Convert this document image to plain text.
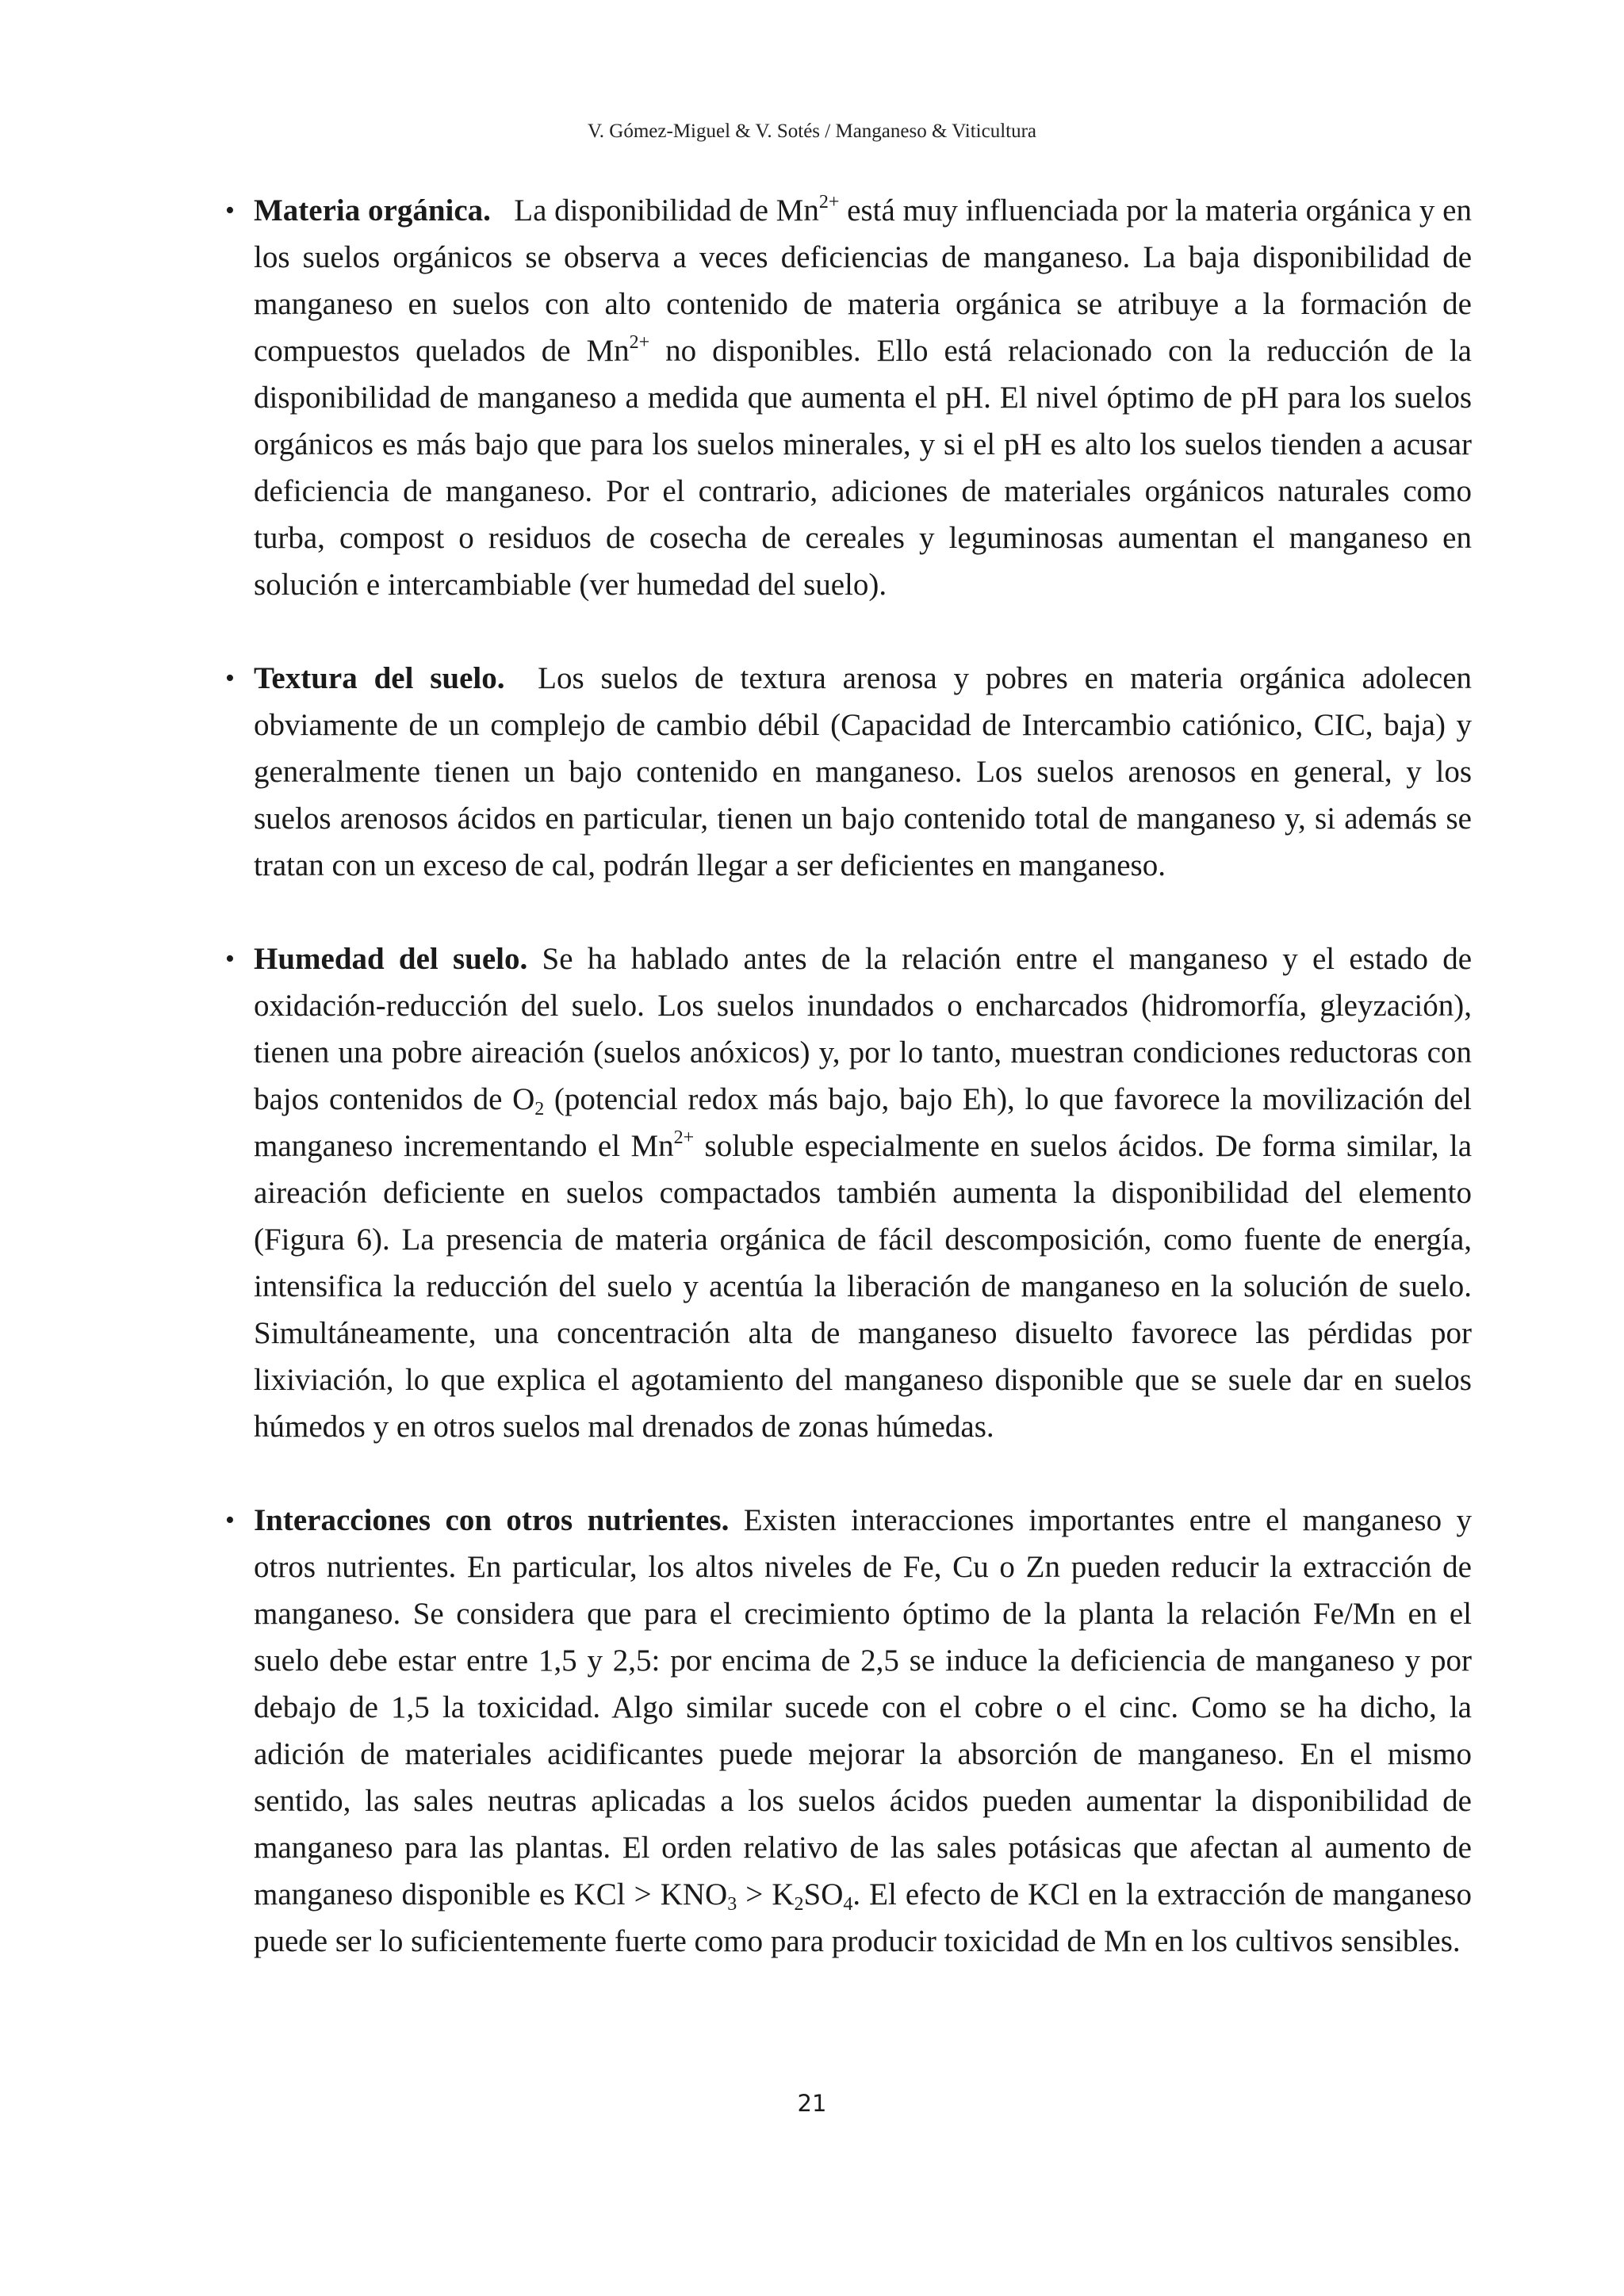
V. Gómez-Miguel & V. Sotés / Manganeso & Viticultura
• Materia orgánica. La disponibilidad de $Mn^{2+}$ está muy influenciada por la materia orgánica y en los suelos orgánicos se observa a veces deficiencias de manganeso. La baja disponibilidad de manganeso en suelos con alto contenido de materia orgánica se atribuye a la formación de compuestos quelados de $Mn^{2+}$ no disponibles. Ello está relacionado con la reducción de la disponibilidad de manganeso a medida que aumenta el pH. El nivel óptimo de pH para los suelos orgánicos es más bajo que para los suelos minerales, y si el pH es alto los suelos tienden a acusar deficiencia de manganeso. Por el contrario, adiciones de materiales orgánicos naturales como turba, compost o residuos de cosecha de cereales y leguminosas aumentan el manganeso en solución e intercambiable (ver humedad del suelo).
• Textura del suelo. Los suelos de textura arenosa y pobres en materia orgánica adolecen obviamente de un complejo de cambio débil (Capacidad de Intercambio catiónico, CIC, baja) y generalmente tienen un bajo contenido en manganeso. Los suelos arenosos en general, y los suelos arenosos ácidos en particular, tienen un bajo contenido total de manganeso y, si además se tratan con un exceso de cal, podrán llegar a ser deficientes en manganeso.
• Humedad del suelo. Se ha hablado antes de la relación entre el manganeso y el estado de oxidación-reducción del suelo. Los suelos inundados o encharcados (hidromorfía, gleyzación), tienen una pobre aireación (suelos anóxicos) y, por lo tanto, muestran condiciones reductoras con bajos contenidos de $O_2$ (potencial redox más bajo, bajo Eh), lo que favorece la movilización del manganeso incrementando el $Mn^{2+}$ soluble especialmente en suelos ácidos. De forma similar, la aireación deficiente en suelos compactados también aumenta la disponibilidad del elemento (Figura 6). La presencia de materia orgánica de fácil descomposición, como fuente de energía, intensifica la reducción del suelo y acentúa la liberación de manganeso en la solución de suelo. Simultáneamente, una concentración alta de manganeso disuelto favorece las pérdidas por lixiviación, lo que explica el agotamiento del manganeso disponible que se suele dar en suelos húmedos y en otros suelos mal drenados de zonas húmedas.
• Interacciones con otros nutrientes. Existen interacciones importantes entre el manganeso y otros nutrientes. En particular, los altos niveles de Fe, Cu o Zn pueden reducir la extracción de manganeso. Se considera que para el crecimiento óptimo de la planta la relación Fe/Mn en el suelo debe estar entre 1,5 y 2,5: por encima de 2,5 se induce la deficiencia de manganeso y por debajo de 1,5 la toxicidad. Algo similar sucede con el cobre o el cinc. Como se ha dicho, la adición de materiales acidificantes puede mejorar la absorción de manganeso. En el mismo sentido, las sales neutras aplicadas a los suelos ácidos pueden aumentar la disponibilidad de manganeso para las plantas. El orden relativo de las sales potásicas que afectan al aumento de manganeso disponible es KCl > $KNO_3 > K_2SO_4$. El efecto de KCl en la extracción de manganeso puede ser lo suficientemente fuerte como para producir toxicidad de Mn en los cultivos sensibles.
21
